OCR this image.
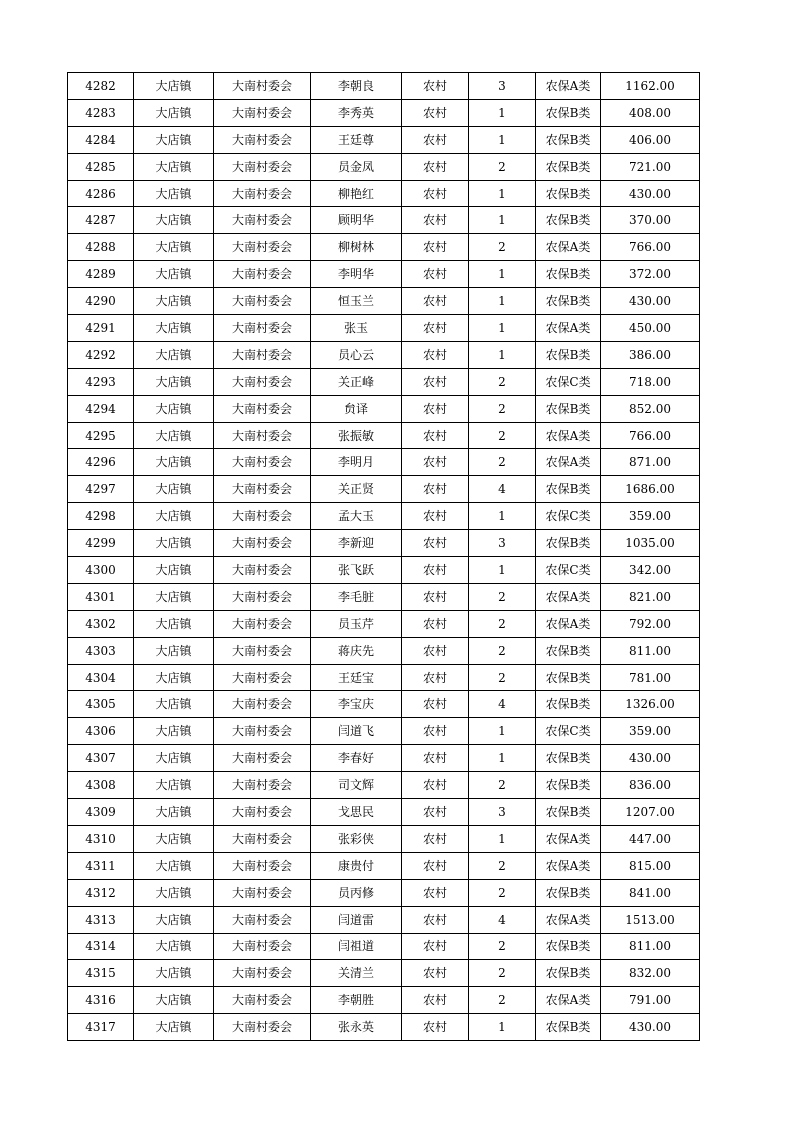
4282	大店镇	大南村委会	李朝良	农村	3	农保A类	1162.00
4283	大店镇	大南村委会	李秀英	农村	1	农保B类	408.00
4284	大店镇	大南村委会	王廷尊	农村	1	农保B类	406.00
4285	大店镇	大南村委会	员金凤	农村	2	农保B类	721.00
4286	大店镇	大南村委会	柳艳红	农村	1	农保B类	430.00
4287	大店镇	大南村委会	顾明华	农村	1	农保B类	370.00
4288	大店镇	大南村委会	柳树林	农村	2	农保A类	766.00
4289	大店镇	大南村委会	李明华	农村	1	农保B类	372.00
4290	大店镇	大南村委会	恒玉兰	农村	1	农保B类	430.00
4291	大店镇	大南村委会	张玉	农村	1	农保A类	450.00
4292	大店镇	大南村委会	员心云	农村	1	农保B类	386.00
4293	大店镇	大南村委会	关正峰	农村	2	农保C类	718.00
4294	大店镇	大南村委会	贠译	农村	2	农保B类	852.00
4295	大店镇	大南村委会	张振敏	农村	2	农保A类	766.00
4296	大店镇	大南村委会	李明月	农村	2	农保A类	871.00
4297	大店镇	大南村委会	关正贤	农村	4	农保B类	1686.00
4298	大店镇	大南村委会	孟大玉	农村	1	农保C类	359.00
4299	大店镇	大南村委会	李新迎	农村	3	农保B类	1035.00
4300	大店镇	大南村委会	张飞跃	农村	1	农保C类	342.00
4301	大店镇	大南村委会	李毛脏	农村	2	农保A类	821.00
4302	大店镇	大南村委会	员玉芹	农村	2	农保A类	792.00
4303	大店镇	大南村委会	蒋庆先	农村	2	农保B类	811.00
4304	大店镇	大南村委会	王廷宝	农村	2	农保B类	781.00
4305	大店镇	大南村委会	李宝庆	农村	4	农保B类	1326.00
4306	大店镇	大南村委会	闫道飞	农村	1	农保C类	359.00
4307	大店镇	大南村委会	李春好	农村	1	农保B类	430.00
4308	大店镇	大南村委会	司文辉	农村	2	农保B类	836.00
4309	大店镇	大南村委会	戈思民	农村	3	农保B类	1207.00
4310	大店镇	大南村委会	张彩侠	农村	1	农保A类	447.00
4311	大店镇	大南村委会	康贵付	农村	2	农保A类	815.00
4312	大店镇	大南村委会	员丙修	农村	2	农保B类	841.00
4313	大店镇	大南村委会	闫道雷	农村	4	农保A类	1513.00
4314	大店镇	大南村委会	闫祖道	农村	2	农保B类	811.00
4315	大店镇	大南村委会	关清兰	农村	2	农保B类	832.00
4316	大店镇	大南村委会	李朝胜	农村	2	农保A类	791.00
4317	大店镇	大南村委会	张永英	农村	1	农保B类	430.00
